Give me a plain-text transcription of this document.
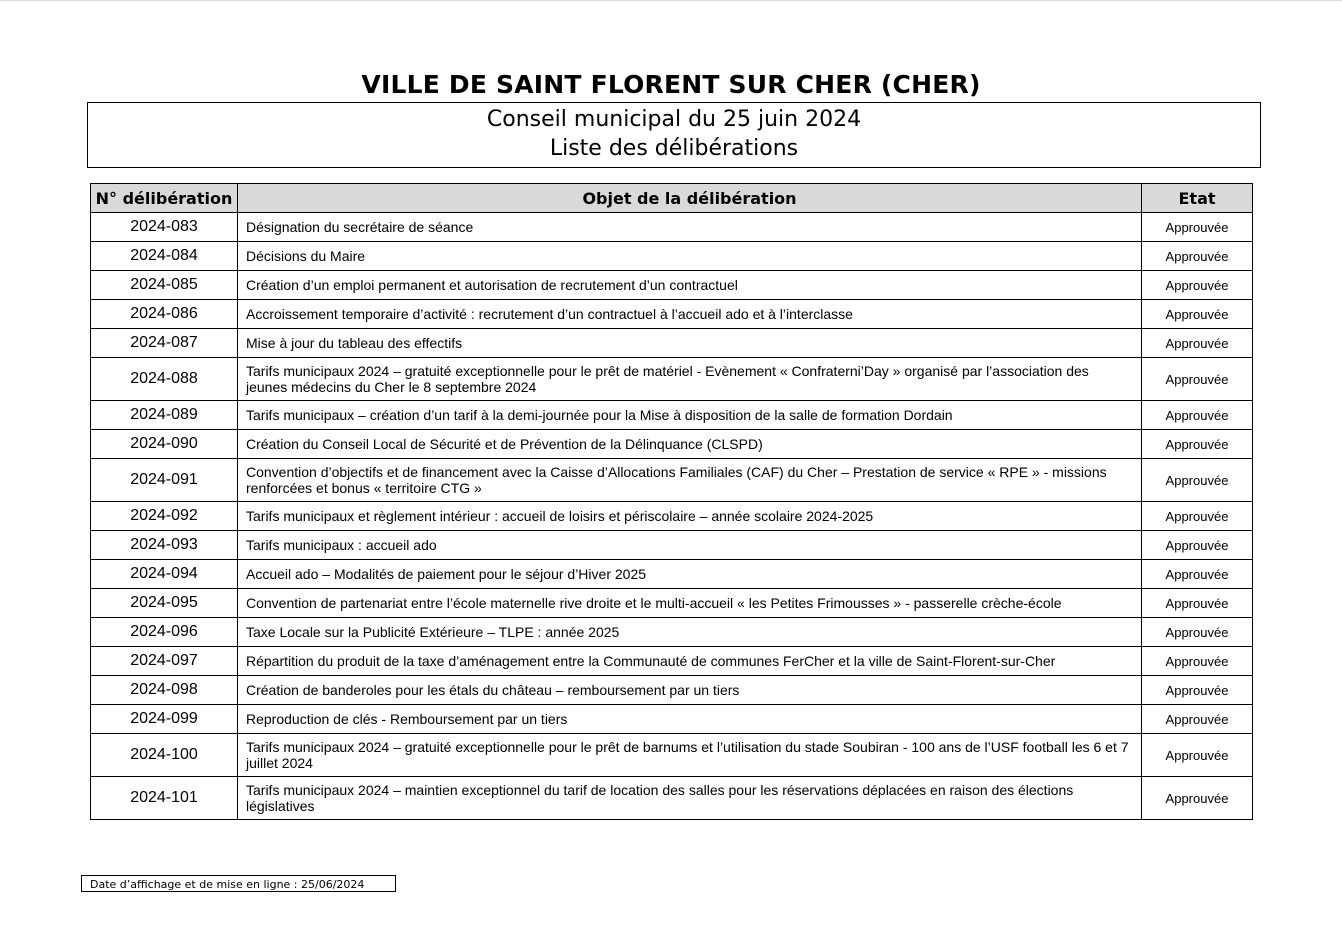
VILLE DE SAINT FLORENT SUR CHER (CHER)
Conseil municipal du 25 juin 2024
Liste des délibérations
N° délibération	Objet de la délibération	Etat
2024-083	Désignation du secrétaire de séance	Approuvée
2024-084	Décisions du Maire	Approuvée
2024-085	Création d’un emploi permanent et autorisation de recrutement d’un contractuel	Approuvée
2024-086	Accroissement temporaire d’activité : recrutement d’un contractuel à l’accueil ado et à l’interclasse	Approuvée
2024-087	Mise à jour du tableau des effectifs	Approuvée
2024-088	Tarifs municipaux 2024 – gratuité exceptionnelle pour le prêt de matériel - Evènement « Confraterni’Day » organisé par l’association des jeunes médecins du Cher le 8 septembre 2024	Approuvée
2024-089	Tarifs municipaux – création d’un tarif à la demi-journée pour la Mise à disposition de la salle de formation Dordain	Approuvée
2024-090	Création du Conseil Local de Sécurité et de Prévention de la Délinquance (CLSPD)	Approuvée
2024-091	Convention d’objectifs et de financement avec la Caisse d’Allocations Familiales (CAF) du Cher – Prestation de service « RPE » - missions renforcées et bonus « territoire CTG »	Approuvée
2024-092	Tarifs municipaux et règlement intérieur : accueil de loisirs et périscolaire – année scolaire 2024-2025	Approuvée
2024-093	Tarifs municipaux : accueil ado	Approuvée
2024-094	Accueil ado – Modalités de paiement pour le séjour d’Hiver 2025	Approuvée
2024-095	Convention de partenariat entre l’école maternelle rive droite et le multi-accueil « les Petites Frimousses » - passerelle crèche-école	Approuvée
2024-096	Taxe Locale sur la Publicité Extérieure – TLPE : année 2025	Approuvée
2024-097	Répartition du produit de la taxe d’aménagement entre la Communauté de communes FerCher et la ville de Saint-Florent-sur-Cher	Approuvée
2024-098	Création de banderoles pour les étals du château – remboursement par un tiers	Approuvée
2024-099	Reproduction de clés - Remboursement par un tiers	Approuvée
2024-100	Tarifs municipaux 2024 – gratuité exceptionnelle pour le prêt de barnums et l’utilisation du stade Soubiran - 100 ans de l’USF football les 6 et 7 juillet 2024	Approuvée
2024-101	Tarifs municipaux 2024 – maintien exceptionnel du tarif de location des salles pour les réservations déplacées en raison des élections législatives	Approuvée
Date d’affichage et de mise en ligne : 25/06/2024
